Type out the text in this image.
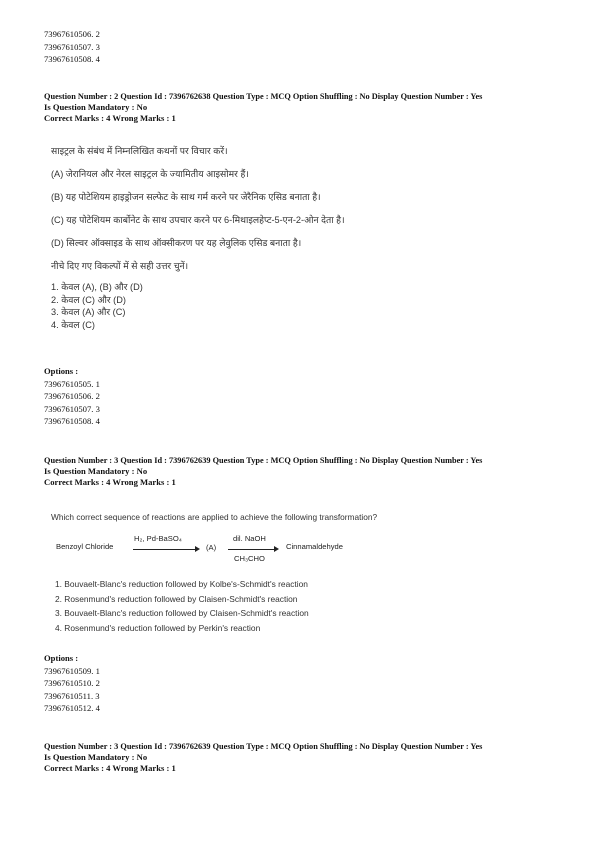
73967610506. 2
73967610507. 3
73967610508. 4
Question Number : 2 Question Id : 7396762638 Question Type : MCQ Option Shuffling : No Display Question Number : Yes
Is Question Mandatory : No
Correct Marks : 4 Wrong Marks : 1
साइट्रल के संबंध में निम्नलिखित कथनों पर विचार करें।
(A) जेरानियल और नेरल साइट्रल के ज्यामितीय आइसोमर हैं।
(B) यह पोटेशियम हाइड्रोजन सल्फेट के साथ गर्म करने पर जेरैनिक एसिड बनाता है।
(C) यह पोटेशियम कार्बोनेट के साथ उपचार करने पर 6-मिथाइलहेप्ट-5-एन-2-ओन देता है।
(D) सिल्वर ऑक्साइड के साथ ऑक्सीकरण पर यह लेवुलिक एसिड बनाता है।
नीचे दिए गए विकल्पों में से सही उत्तर चुनें।
1. केवल (A), (B) और (D)
2. केवल (C) और (D)
3. केवल (A) और (C)
4. केवल (C)
Options :
73967610505. 1
73967610506. 2
73967610507. 3
73967610508. 4
Question Number : 3 Question Id : 7396762639 Question Type : MCQ Option Shuffling : No Display Question Number : Yes
Is Question Mandatory : No
Correct Marks : 4 Wrong Marks : 1
Which correct sequence of reactions are applied to achieve the following transformation?
Benzoyl Chloride
H₂, Pd-BaSO₄
(A)
dil. NaOH
CH₃CHO
Cinnamaldehyde
1. Bouvaelt-Blanc's reduction followed by Kolbe's-Schmidt's reaction
2. Rosenmund's reduction followed by Claisen-Schmidt's reaction
3. Bouvaelt-Blanc's reduction followed by Claisen-Schmidt's reaction
4. Rosenmund's reduction followed by Perkin's reaction
Options :
73967610509. 1
73967610510. 2
73967610511. 3
73967610512. 4
Question Number : 3 Question Id : 7396762639 Question Type : MCQ Option Shuffling : No Display Question Number : Yes
Is Question Mandatory : No
Correct Marks : 4 Wrong Marks : 1
